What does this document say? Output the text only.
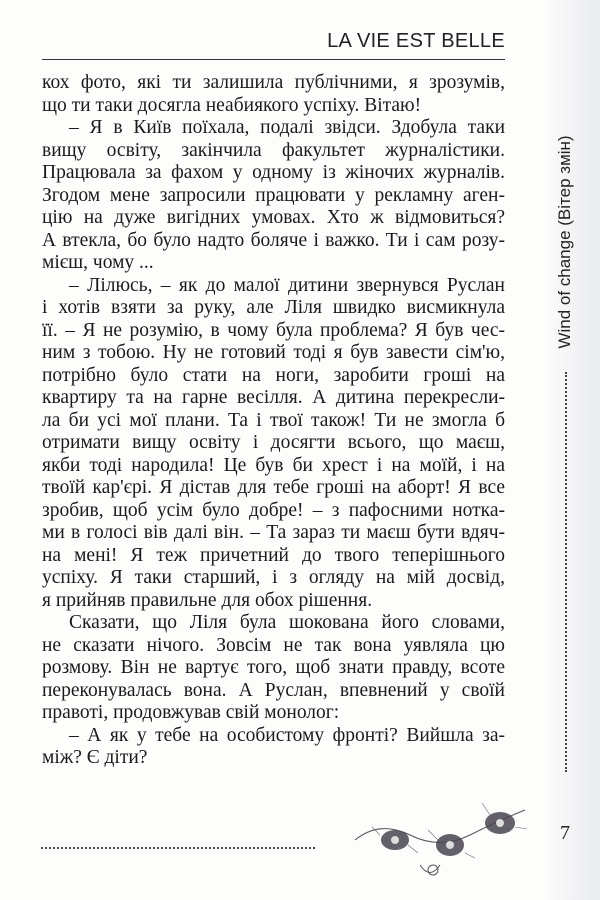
LA VIE EST BELLE
кох фото, які ти залишила публічними, я зрозумів,
що ти таки досягла неабиякого успіху. Вітаю!
– Я в Київ поїхала, подалі звідси. Здобула таки
вищу освіту, закінчила факультет журналістики.
Працювала за фахом у одному із жіночих журналів.
Згодом мене запросили працювати у рекламну аген-
цію на дуже вигідних умовах. Хто ж відмовиться?
А втекла, бо було надто боляче і важко. Ти і сам розу-
мієш, чому ...
– Лілюсь, – як до малої дитини звернувся Руслан
і хотів взяти за руку, але Ліля швидко висмикнула
її. – Я не розумію, в чому була проблема? Я був чес-
ним з тобою. Ну не готовий тоді я був завести сім'ю,
потрібно було стати на ноги, заробити гроші на
квартиру та на гарне весілля. А дитина перекресли-
ла би усі мої плани. Та і твої також! Ти не змогла б
отримати вищу освіту і досягти всього, що маєш,
якби тоді народила! Це був би хрест і на моїй, і на
твоїй кар'єрі. Я дістав для тебе гроші на аборт! Я все
зробив, щоб усім було добре! – з пафосними нотка-
ми в голосі вів далі він. – Та зараз ти маєш бути вдяч-
на мені! Я теж причетний до твого теперішнього
успіху. Я таки старший, і з огляду на мій досвід,
я прийняв правильне для обох рішення.
Сказати, що Ліля була шокована його словами,
не сказати нічого. Зовсім не так вона уявляла цю
розмову. Він не вартує того, щоб знати правду, всоте
переконувалась вона. А Руслан, впевнений у своїй
правоті, продовжував свій монолог:
– А як у тебе на особистому фронті? Вийшла за-
між? Є діти?
Wind of change (Вітер змін)
7
